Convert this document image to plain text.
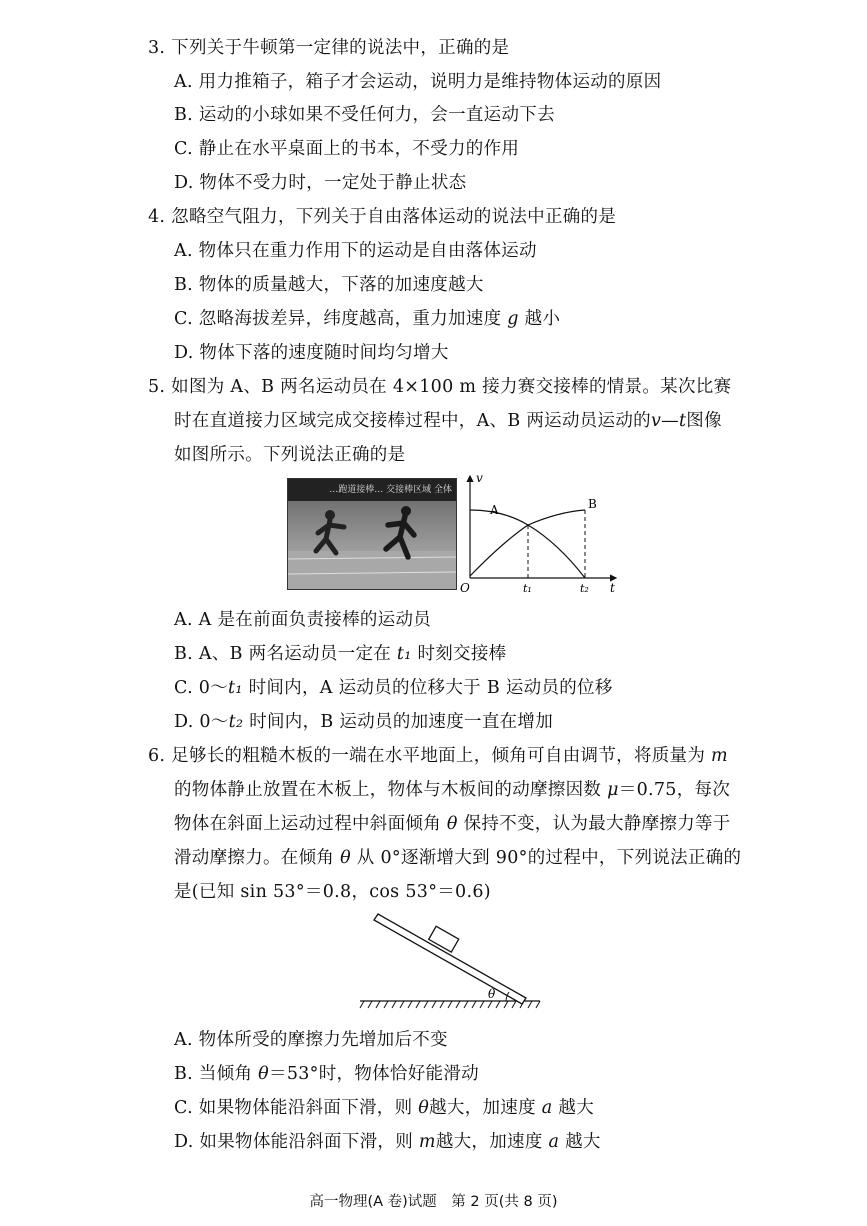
3. 下列关于牛顿第一定律的说法中，正确的是
A. 用力推箱子，箱子才会运动，说明力是维持物体运动的原因
B. 运动的小球如果不受任何力，会一直运动下去
C. 静止在水平桌面上的书本，不受力的作用
D. 物体不受力时，一定处于静止状态
4. 忽略空气阻力，下列关于自由落体运动的说法中正确的是
A. 物体只在重力作用下的运动是自由落体运动
B. 物体的质量越大，下落的加速度越大
C. 忽略海拔差异，纬度越高，重力加速度 g 越小
D. 物体下落的速度随时间均匀增大
5. 如图为 A、B 两名运动员在 4×100 m 接力赛交接棒的情景。某次比赛
时在直道接力区域完成交接棒过程中，A、B 两运动员运动的v—t图像
如图所示。下列说法正确的是
…跑道接棒… 交接棒区域 全体
v
t
O
A	B
t₁	t₂
A. A 是在前面负责接棒的运动员
B. A、B 两名运动员一定在 t₁ 时刻交接棒
C. 0～t₁ 时间内，A 运动员的位移大于 B 运动员的位移
D. 0～t₂ 时间内，B 运动员的加速度一直在增加
6. 足够长的粗糙木板的一端在水平地面上，倾角可自由调节，将质量为 m
的物体静止放置在木板上，物体与木板间的动摩擦因数 μ＝0.75，每次
物体在斜面上运动过程中斜面倾角 θ 保持不变，认为最大静摩擦力等于
滑动摩擦力。在倾角 θ 从 0°逐渐增大到 90°的过程中，下列说法正确的
是(已知 sin 53°＝0.8，cos 53°＝0.6)
θ
A. 物体所受的摩擦力先增加后不变
B. 当倾角 θ＝53°时，物体恰好能滑动
C. 如果物体能沿斜面下滑，则 θ越大，加速度 a 越大
D. 如果物体能沿斜面下滑，则 m越大，加速度 a 越大
高一物理(A 卷)试题　第 2 页(共 8 页)
